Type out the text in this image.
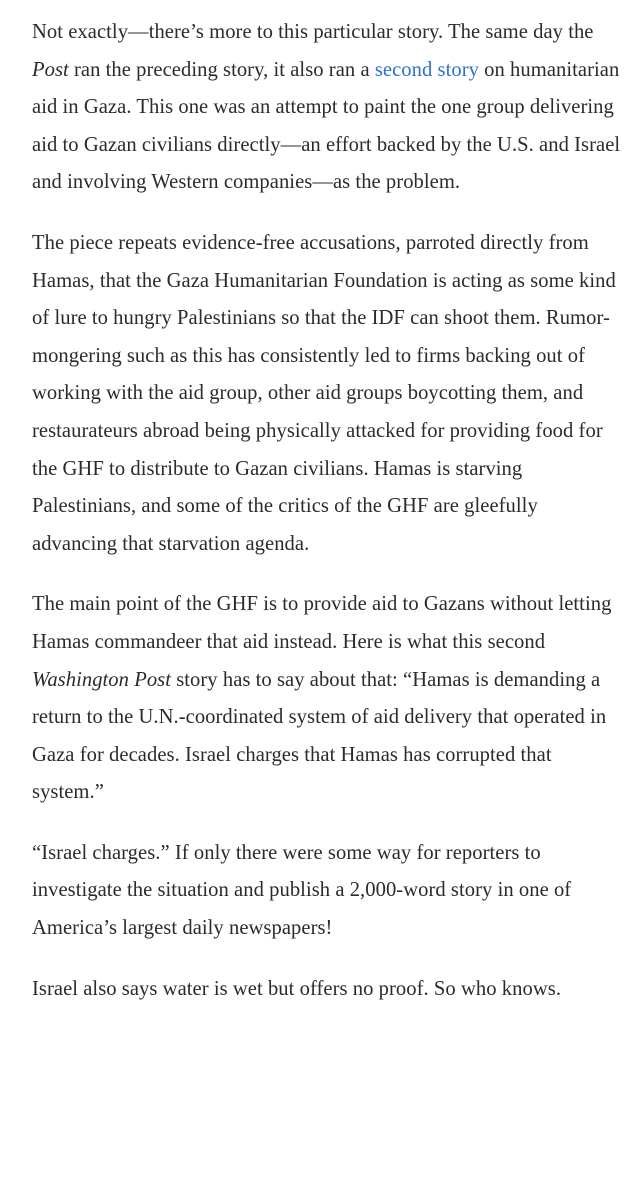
Not exactly—there’s more to this particular story. The same day the Post ran the preceding story, it also ran a second story on humanitarian aid in Gaza. This one was an attempt to paint the one group delivering aid to Gazan civilians directly—an effort backed by the U.S. and Israel and involving Western companies—as the problem.

The piece repeats evidence-free accusations, parroted directly from Hamas, that the Gaza Humanitarian Foundation is acting as some kind of lure to hungry Palestinians so that the IDF can shoot them. Rumor-mongering such as this has consistently led to firms backing out of working with the aid group, other aid groups boycotting them, and restaurateurs abroad being physically attacked for providing food for the GHF to distribute to Gazan civilians. Hamas is starving Palestinians, and some of the critics of the GHF are gleefully advancing that starvation agenda.

The main point of the GHF is to provide aid to Gazans without letting Hamas commandeer that aid instead. Here is what this second Washington Post story has to say about that: “Hamas is demanding a return to the U.N.-coordinated system of aid delivery that operated in Gaza for decades. Israel charges that Hamas has corrupted that system.”

“Israel charges.” If only there were some way for reporters to investigate the situation and publish a 2,000-word story in one of America’s largest daily newspapers!

Israel also says water is wet but offers no proof. So who knows.
